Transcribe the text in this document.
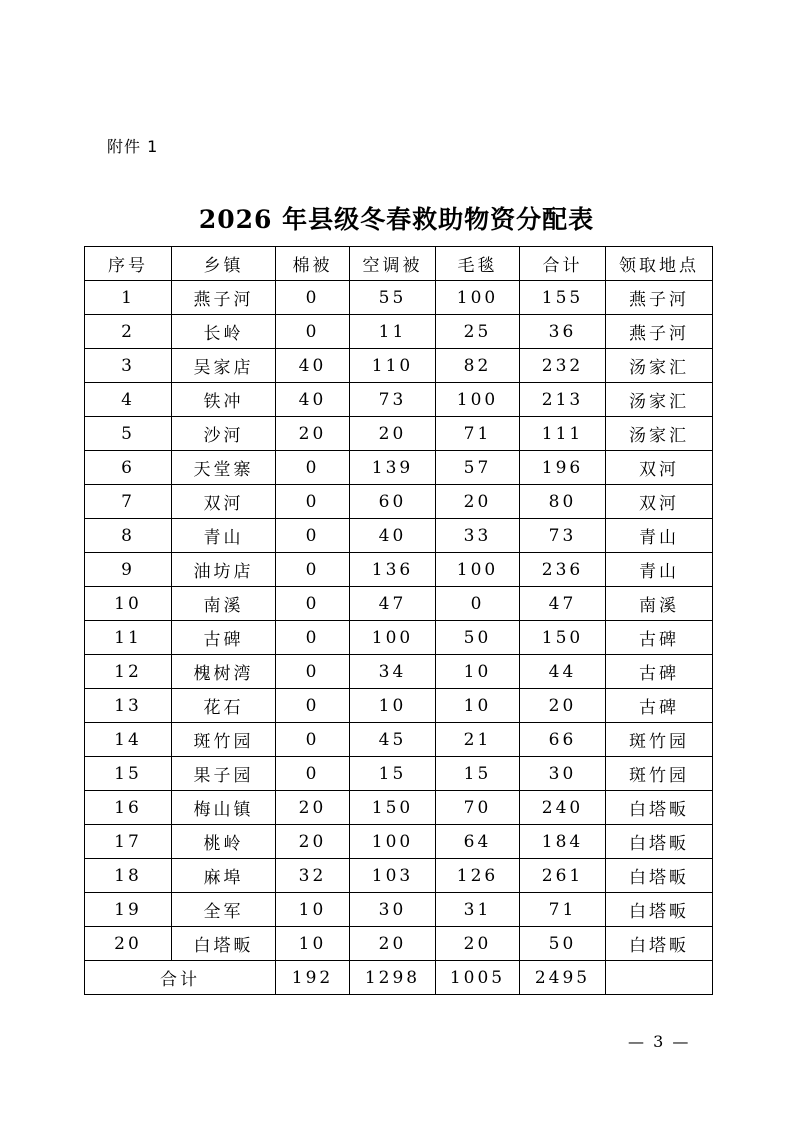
附件 1
2026 年县级冬春救助物资分配表
序号	乡镇	棉被	空调被	毛毯	合计	领取地点
1	燕子河	0	55	100	155	燕子河
2	长岭	0	11	25	36	燕子河
3	吴家店	40	110	82	232	汤家汇
4	铁冲	40	73	100	213	汤家汇
5	沙河	20	20	71	111	汤家汇
6	天堂寨	0	139	57	196	双河
7	双河	0	60	20	80	双河
8	青山	0	40	33	73	青山
9	油坊店	0	136	100	236	青山
10	南溪	0	47	0	47	南溪
11	古碑	0	100	50	150	古碑
12	槐树湾	0	34	10	44	古碑
13	花石	0	10	10	20	古碑
14	斑竹园	0	45	21	66	斑竹园
15	果子园	0	15	15	30	斑竹园
16	梅山镇	20	150	70	240	白塔畈
17	桃岭	20	100	64	184	白塔畈
18	麻埠	32	103	126	261	白塔畈
19	全军	10	30	31	71	白塔畈
20	白塔畈	10	20	20	50	白塔畈
合计		192	1298	1005	2495	
— 3 —
